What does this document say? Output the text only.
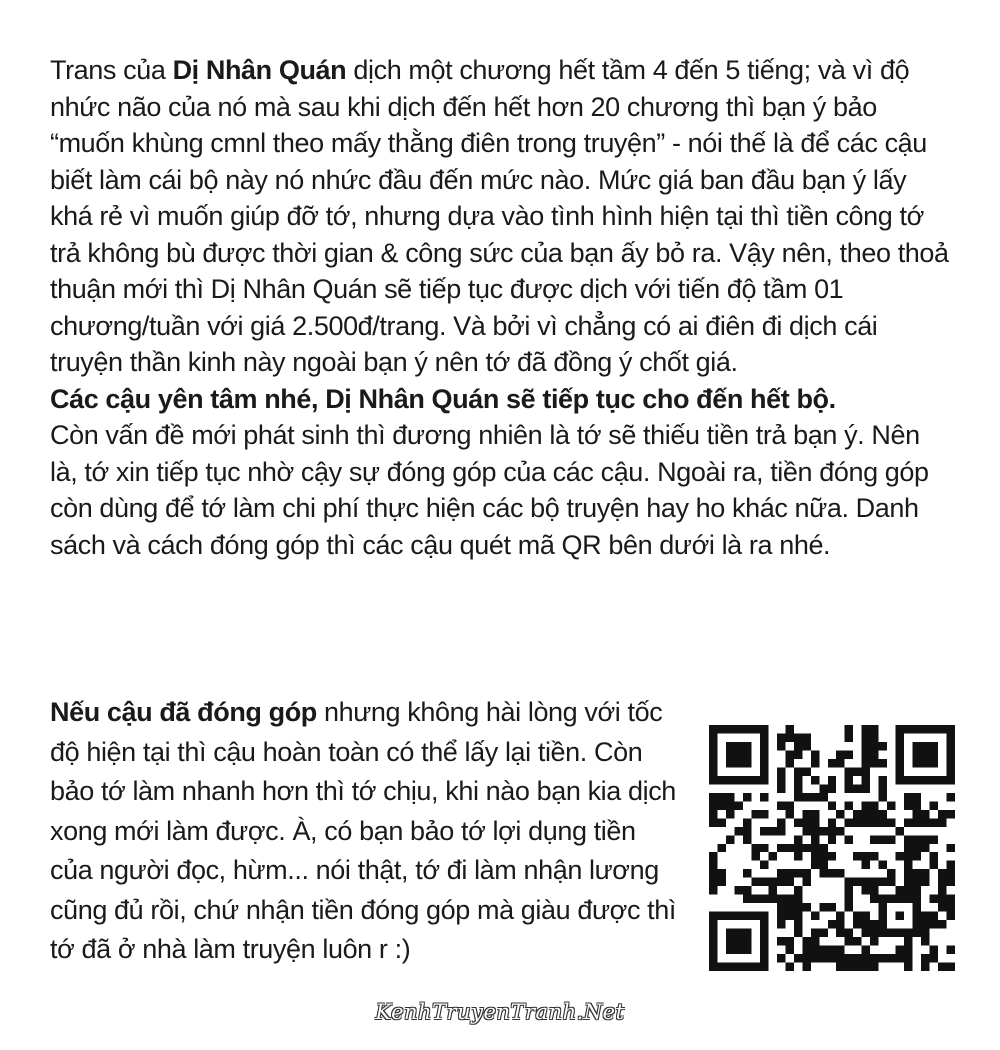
Trans của Dị Nhân Quán dịch một chương hết tầm 4 đến 5 tiếng; và vì độ nhức não của nó mà sau khi dịch đến hết hơn 20 chương thì bạn ý bảo “muốn khùng cmnl theo mấy thằng điên trong truyện” - nói thế là để các cậu biết làm cái bộ này nó nhức đầu đến mức nào. Mức giá ban đầu bạn ý lấy khá rẻ vì muốn giúp đỡ tớ, nhưng dựa vào tình hình hiện tại thì tiền công tớ trả không bù được thời gian & công sức của bạn ấy bỏ ra. Vậy nên, theo thoả thuận mới thì Dị Nhân Quán sẽ tiếp tục được dịch với tiến độ tầm 01 chương/tuần với giá 2.500đ/trang. Và bởi vì chẳng có ai điên đi dịch cái truyện thần kinh này ngoài bạn ý nên tớ đã đồng ý chốt giá.

Các cậu yên tâm nhé, Dị Nhân Quán sẽ tiếp tục cho đến hết bộ.

Còn vấn đề mới phát sinh thì đương nhiên là tớ sẽ thiếu tiền trả bạn ý. Nên là, tớ xin tiếp tục nhờ cậy sự đóng góp của các cậu. Ngoài ra, tiền đóng góp còn dùng để tớ làm chi phí thực hiện các bộ truyện hay ho khác nữa. Danh sách và cách đóng góp thì các cậu quét mã QR bên dưới là ra nhé.

Nếu cậu đã đóng góp nhưng không hài lòng với tốc độ hiện tại thì cậu hoàn toàn có thể lấy lại tiền. Còn bảo tớ làm nhanh hơn thì tớ chịu, khi nào bạn kia dịch xong mới làm được. À, có bạn bảo tớ lợi dụng tiền của người đọc, hừm... nói thật, tớ đi làm nhận lương cũng đủ rồi, chứ nhận tiền đóng góp mà giàu được thì tớ đã ở nhà làm truyện luôn r :)

KenhTruyenTranh.Net
